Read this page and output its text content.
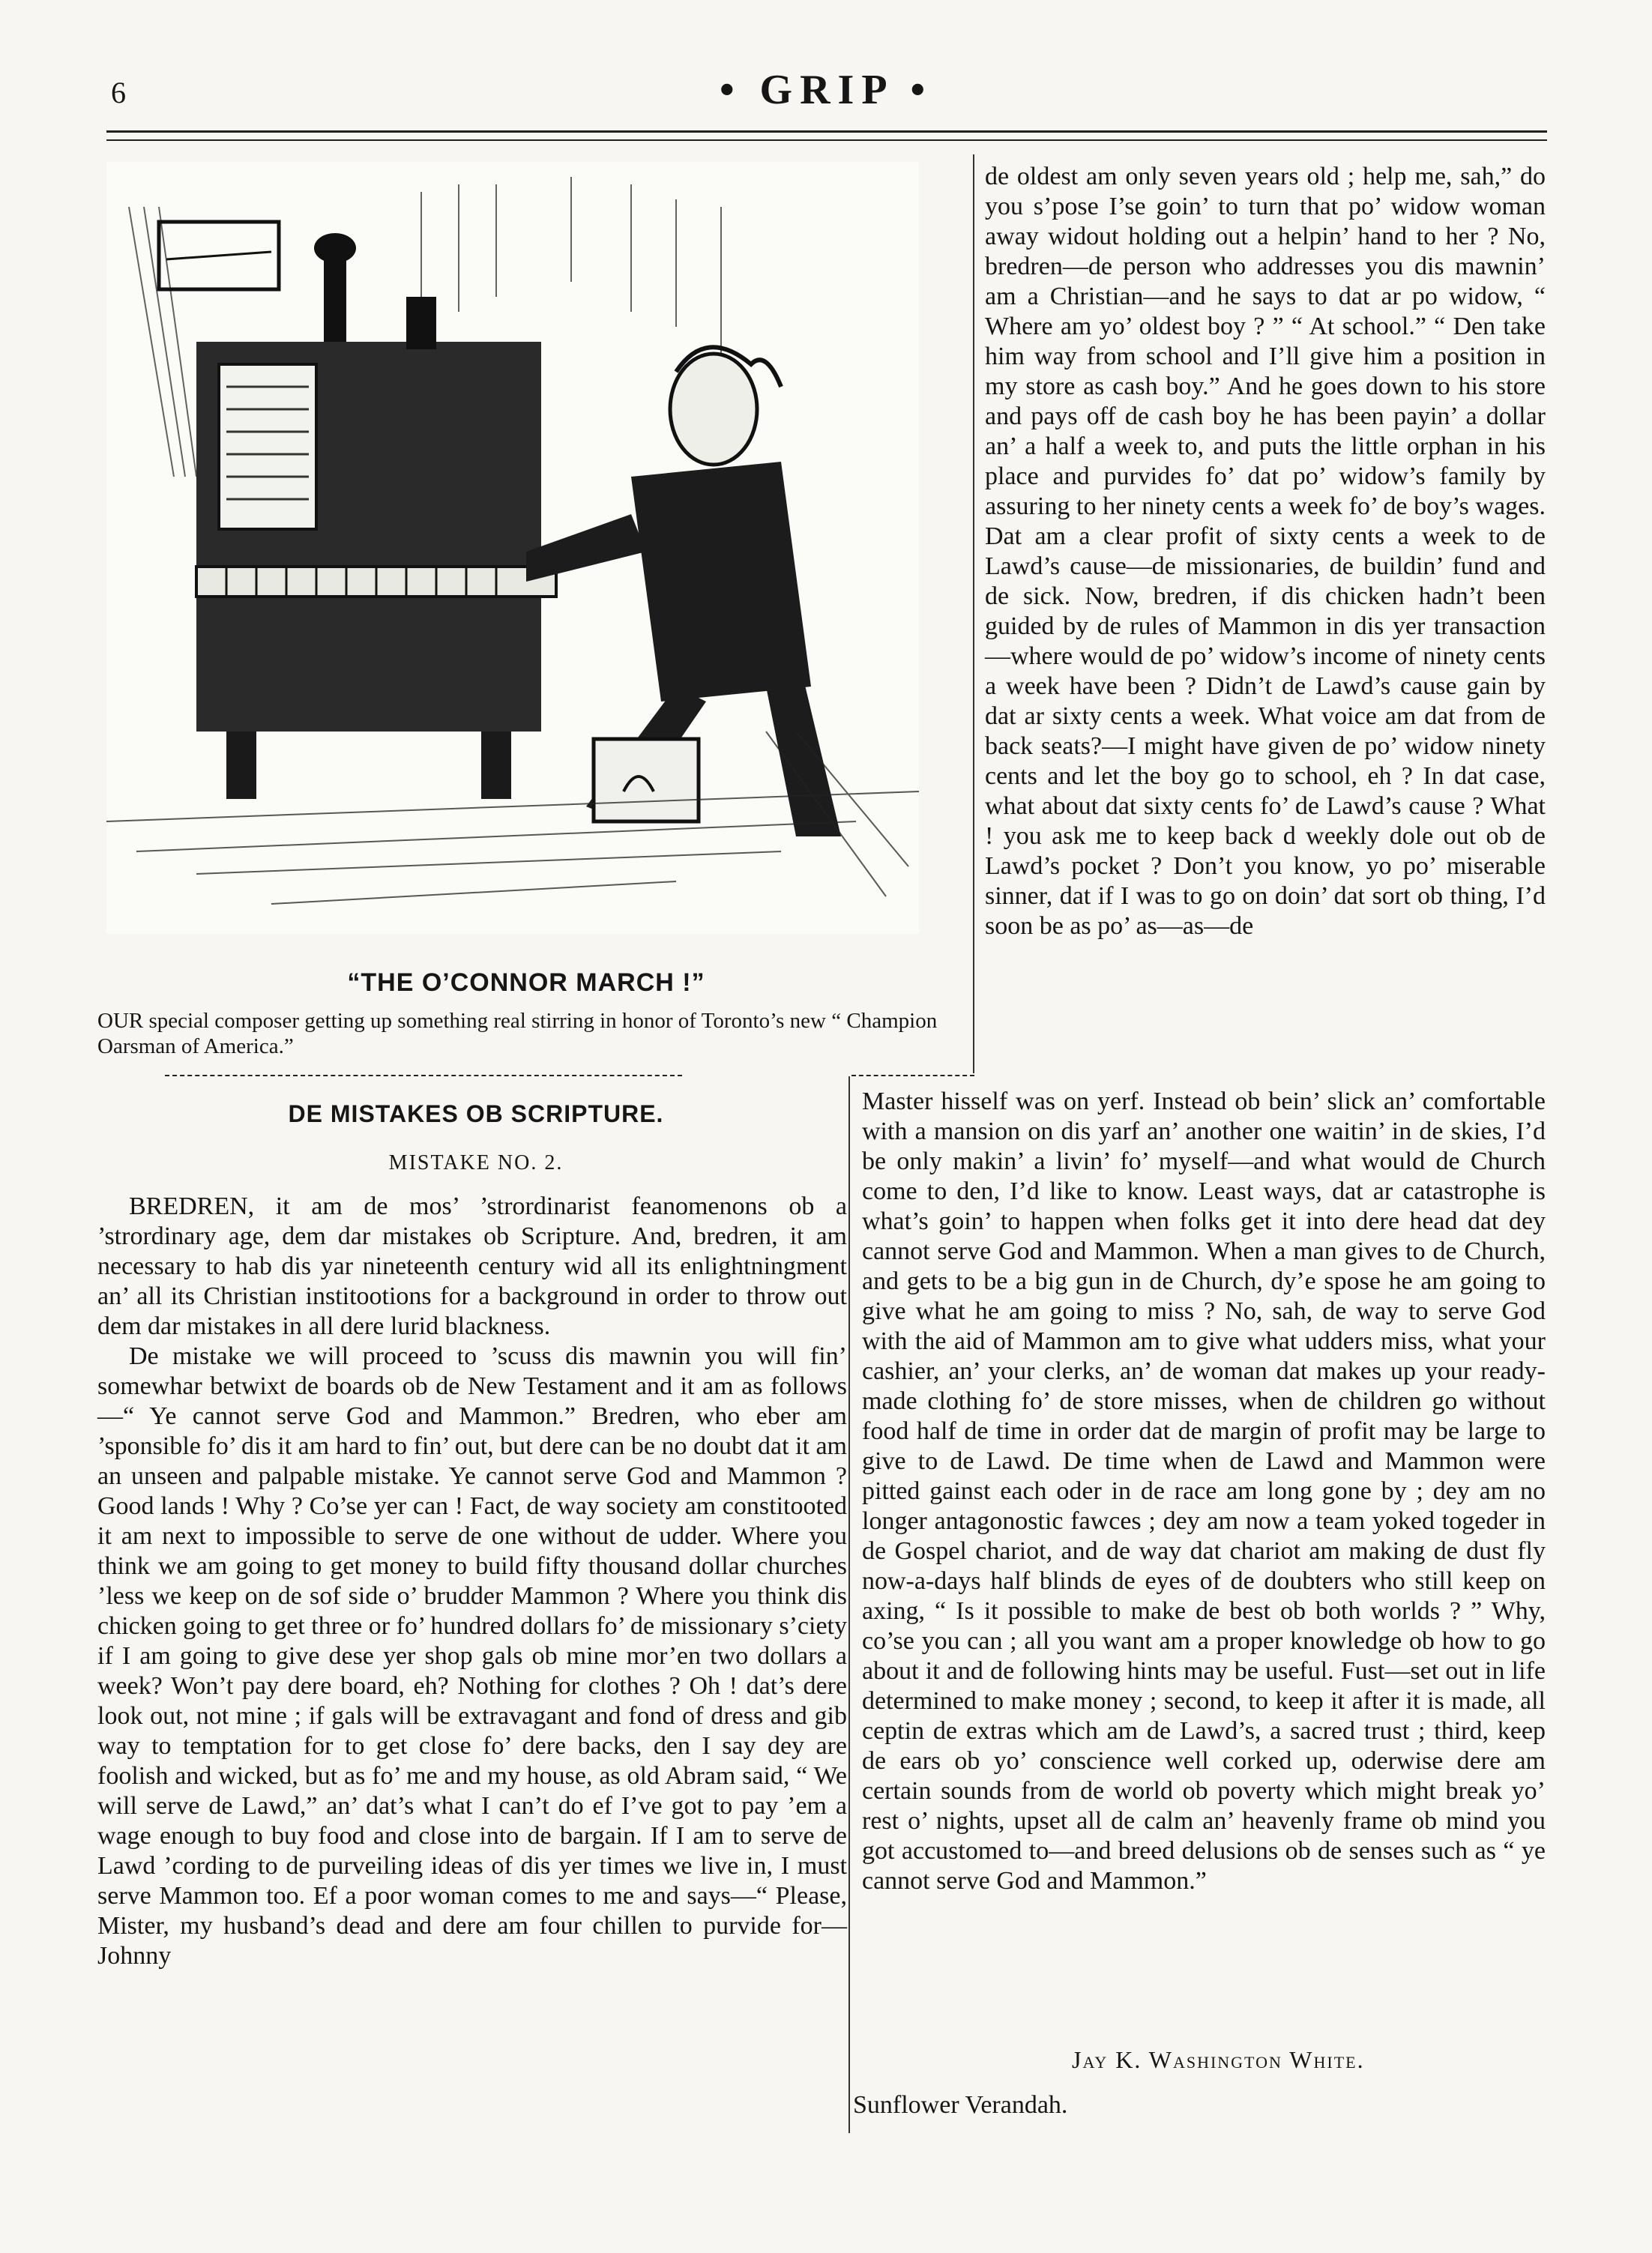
6	• GRIP •
“THE O’CONNOR MARCH !”
OUR special composer getting up something real stirring in honor of Toronto’s new “ Champion Oarsman of America.”
DE MISTAKES OB SCRIPTURE.
MISTAKE NO. 2.

BREDREN, it am de mos’ ’strordinarist feanomenons ob a ’strordinary age, dem dar mistakes ob Scripture. And, bredren, it am necessary to hab dis yar nineteenth century wid all its enlightningment an’ all its Christian institootions for a background in order to throw out dem dar mistakes in all dere lurid blackness.

De mistake we will proceed to ’scuss dis mawnin you will fin’ somewhar betwixt de boards ob de New Testament and it am as follows—“ Ye cannot serve God and Mammon.” Bredren, who eber am ’sponsible fo’ dis it am hard to fin’ out, but dere can be no doubt dat it am an unseen and palpable mistake. Ye cannot serve God and Mammon ? Good lands ! Why ? Co’se yer can ! Fact, de way society am constitooted it am next to impossible to serve de one without de udder. Where you think we am going to get money to build fifty thousand dollar churches ’less we keep on de sof side o’ brudder Mammon ? Where you think dis chicken going to get three or fo’ hundred dollars fo’ de missionary s’ciety if I am going to give dese yer shop gals ob mine mor’en two dollars a week? Won’t pay dere board, eh? Nothing for clothes ? Oh ! dat’s dere look out, not mine ; if gals will be extravagant and fond of dress and gib way to temptation for to get close fo’ dere backs, den I say dey are foolish and wicked, but as fo’ me and my house, as old Abram said, “ We will serve de Lawd,” an’ dat’s what I can’t do ef I’ve got to pay ’em a wage enough to buy food and close into de bargain. If I am to serve de Lawd ’cording to de purveiling ideas of dis yer times we live in, I must serve Mammon too. Ef a poor woman comes to me and says—“ Please, Mister, my husband’s dead and dere am four chillen to purvide for—Johnny

de oldest am only seven years old ; help me, sah,” do you s’pose I’se goin’ to turn that po’ widow woman away widout holding out a helpin’ hand to her ? No, bredren—de person who addresses you dis mawnin’ am a Christian—and he says to dat ar po widow, “ Where am yo’ oldest boy ? ” “ At school.” “ Den take him way from school and I’ll give him a position in my store as cash boy.” And he goes down to his store and pays off de cash boy he has been payin’ a dollar an’ a half a week to, and puts the little orphan in his place and purvides fo’ dat po’ widow’s family by assuring to her ninety cents a week fo’ de boy’s wages. Dat am a clear profit of sixty cents a week to de Lawd’s cause—de missionaries, de buildin’ fund and de sick. Now, bredren, if dis chicken hadn’t been guided by de rules of Mammon in dis yer transaction—where would de po’ widow’s income of ninety cents a week have been ? Didn’t de Lawd’s cause gain by dat ar sixty cents a week. What voice am dat from de back seats?—I might have given de po’ widow ninety cents and let the boy go to school, eh ? In dat case, what about dat sixty cents fo’ de Lawd’s cause ? What ! you ask me to keep back d weekly dole out ob de Lawd’s pocket ? Don’t you know, yo po’ miserable sinner, dat if I was to go on doin’ dat sort ob thing, I’d soon be as po’ as—as—de

Master hisself was on yerf. Instead ob bein’ slick an’ comfortable with a mansion on dis yarf an’ another one waitin’ in de skies, I’d be only makin’ a livin’ fo’ myself—and what would de Church come to den, I’d like to know. Least ways, dat ar catastrophe is what’s goin’ to happen when folks get it into dere head dat dey cannot serve God and Mammon. When a man gives to de Church, and gets to be a big gun in de Church, dy’e spose he am going to give what he am going to miss ? No, sah, de way to serve God with the aid of Mammon am to give what udders miss, what your cashier, an’ your clerks, an’ de woman dat makes up your ready-made clothing fo’ de store misses, when de children go without food half de time in order dat de margin of profit may be large to give to de Lawd. De time when de Lawd and Mammon were pitted gainst each oder in de race am long gone by ; dey am no longer antagonostic fawces ; dey am now a team yoked togeder in de Gospel chariot, and de way dat chariot am making de dust fly now-a-days half blinds de eyes of de doubters who still keep on axing, “ Is it possible to make de best ob both worlds ? ” Why, co’se you can ; all you want am a proper knowledge ob how to go about it and de following hints may be useful. Fust—set out in life determined to make money ; second, to keep it after it is made, all ceptin de extras which am de Lawd’s, a sacred trust ; third, keep de ears ob yo’ conscience well corked up, oderwise dere am certain sounds from de world ob poverty which might break yo’ rest o’ nights, upset all de calm an’ heavenly frame ob mind you got accustomed to—and breed delusions ob de senses such as “ ye cannot serve God and Mammon.”

Jay K. Washington White.
Sunflower Verandah.
